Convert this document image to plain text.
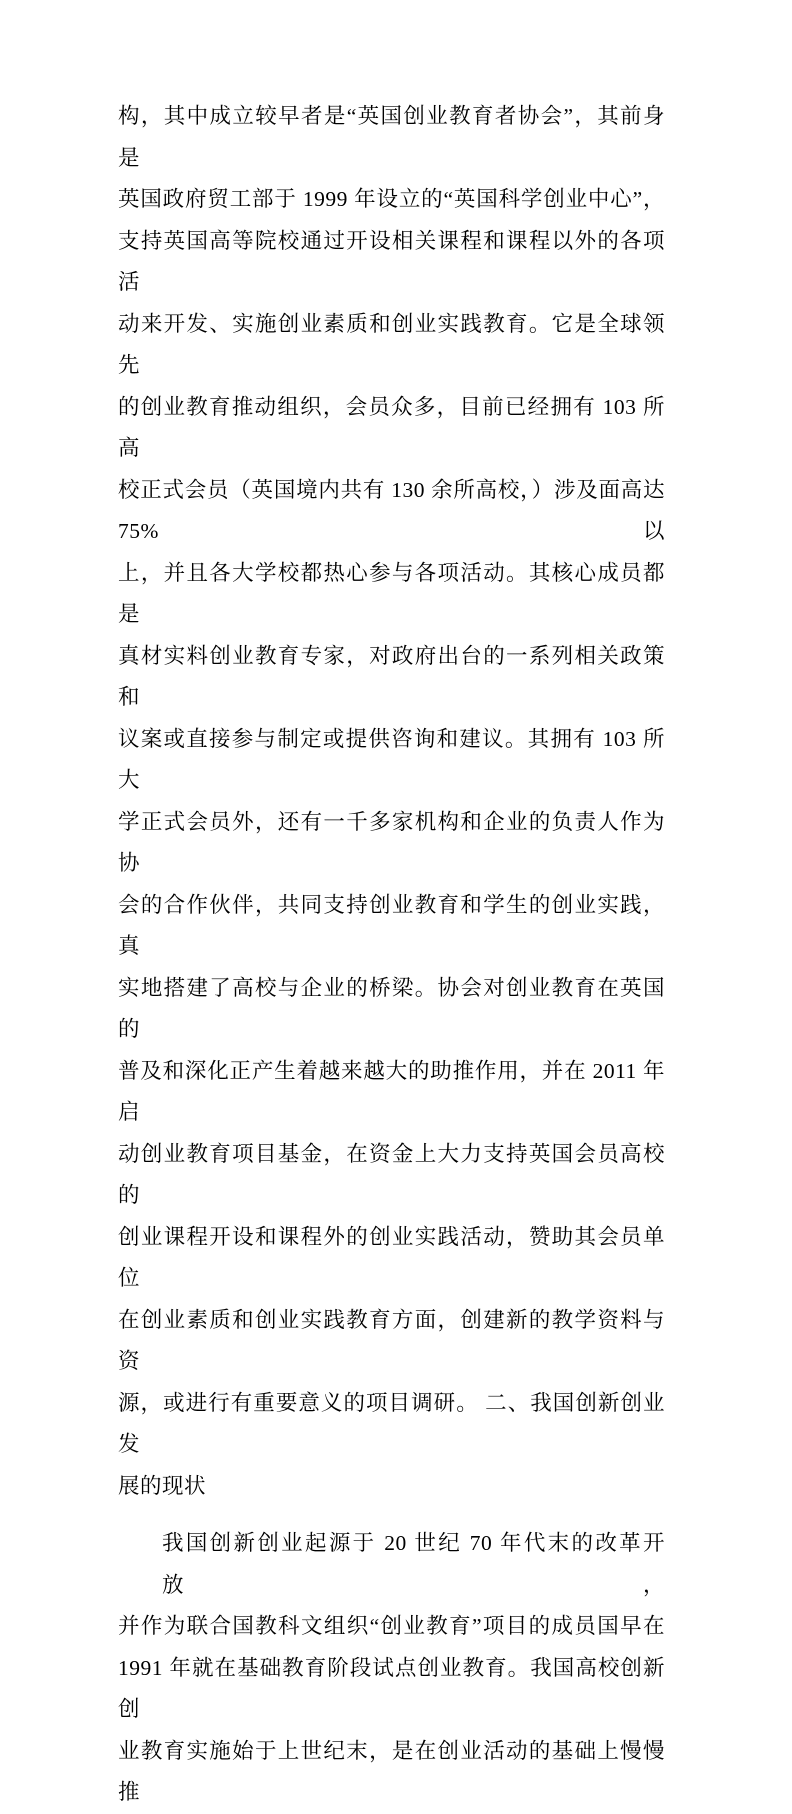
构，其中成立较早者是“英国创业教育者协会”，其前身是
英国政府贸工部于 1999 年设立的“英国科学创业中心”，
支持英国高等院校通过开设相关课程和课程以外的各项活
动来开发、实施创业素质和创业实践教育。它是全球领先
的创业教育推动组织，会员众多，目前已经拥有 103 所高
校正式会员（英国境内共有 130 余所高校，）涉及面高达 75%以
上，并且各大学校都热心参与各项活动。其核心成员都是
真材实料创业教育专家，对政府出台的一系列相关政策和
议案或直接参与制定或提供咨询和建议。其拥有 103 所大
学正式会员外，还有一千多家机构和企业的负责人作为协
会的合作伙伴，共同支持创业教育和学生的创业实践，真
实地搭建了高校与企业的桥梁。协会对创业教育在英国的
普及和深化正产生着越来越大的助推作用，并在 2011 年启
动创业教育项目基金，在资金上大力支持英国会员高校的
创业课程开设和课程外的创业实践活动，赞助其会员单位
在创业素质和创业实践教育方面，创建新的教学资料与资
源，或进行有重要意义的项目调研。 二、我国创新创业发
展的现状
我国创新创业起源于 20 世纪 70 年代末的改革开放，
并作为联合国教科文组织“创业教育”项目的成员国早在
1991 年就在基础教育阶段试点创业教育。我国高校创新创
业教育实施始于上世纪末，是在创业活动的基础上慢慢推
